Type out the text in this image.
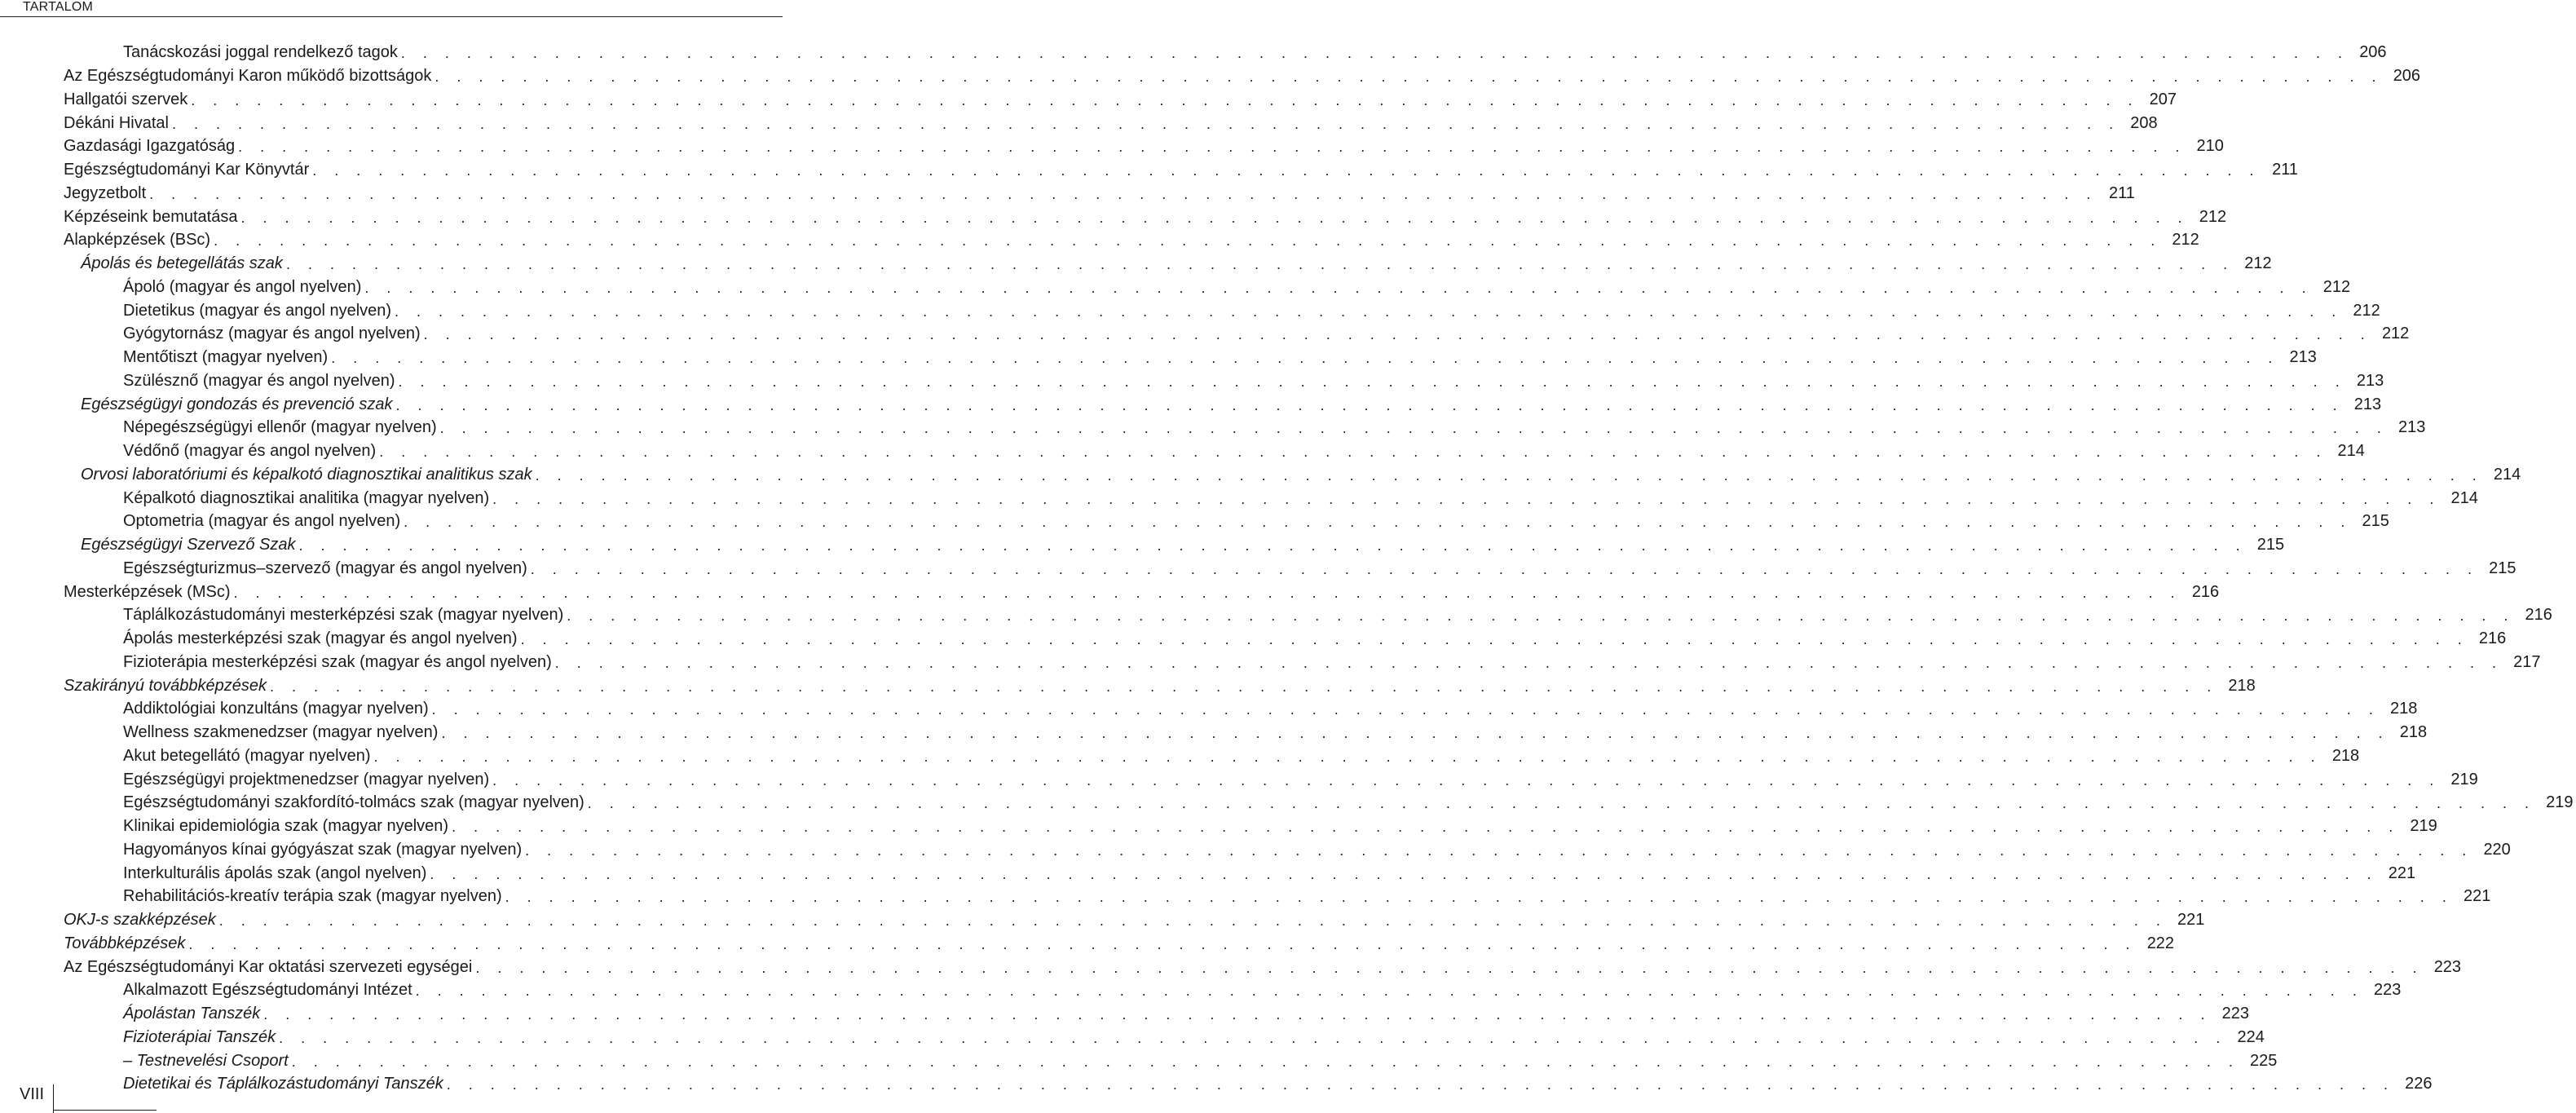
TARTALOM
Tanácskozási joggal rendelkező tagok . . . . . . . . . . . . . . . . . . . . . . . . . . . . . . . . . . . . . . . . . . . . . . . . . . . . . . . . . . . . . . . . . . . . . . . . . . . . . . . . . . . . . . . . . 206
Az Egészségtudományi Karon működő bizottságok . . . . . . . . . . . . . . . . . . . . . . . . . . . . . . . . . . . . . . . . . . . . . . . . . . . . . . . . . . . . . . . . . . . . . . . . . . . . . . . . . . . . . . . . . 206
Hallgatói szervek . . . . . . . . . . . . . . . . . . . . . . . . . . . . . . . . . . . . . . . . . . . . . . . . . . . . . . . . . . . . . . . . . . . . . . . . . . . . . . . . . . . . . . . . . 207
Dékáni Hivatal . . . . . . . . . . . . . . . . . . . . . . . . . . . . . . . . . . . . . . . . . . . . . . . . . . . . . . . . . . . . . . . . . . . . . . . . . . . . . . . . . . . . . . . . . 208
Gazdasági Igazgatóság . . . . . . . . . . . . . . . . . . . . . . . . . . . . . . . . . . . . . . . . . . . . . . . . . . . . . . . . . . . . . . . . . . . . . . . . . . . . . . . . . . . . . . . . . 210
Egészségtudományi Kar Könyvtár . . . . . . . . . . . . . . . . . . . . . . . . . . . . . . . . . . . . . . . . . . . . . . . . . . . . . . . . . . . . . . . . . . . . . . . . . . . . . . . . . . . . . . . . . 211
Jegyzetbolt . . . . . . . . . . . . . . . . . . . . . . . . . . . . . . . . . . . . . . . . . . . . . . . . . . . . . . . . . . . . . . . . . . . . . . . . . . . . . . . . . . . . . . . . . 211
Képzéseink bemutatása . . . . . . . . . . . . . . . . . . . . . . . . . . . . . . . . . . . . . . . . . . . . . . . . . . . . . . . . . . . . . . . . . . . . . . . . . . . . . . . . . . . . . . . . . 212
Alapképzések (BSc) . . . . . . . . . . . . . . . . . . . . . . . . . . . . . . . . . . . . . . . . . . . . . . . . . . . . . . . . . . . . . . . . . . . . . . . . . . . . . . . . . . . . . . . . . 212
Ápolás és betegellátás szak . . . . . . . . . . . . . . . . . . . . . . . . . . . . . . . . . . . . . . . . . . . . . . . . . . . . . . . . . . . . . . . . . . . . . . . . . . . . . . . . . . . . . . . . . 212
Ápoló (magyar és angol nyelven) . . . . . . . . . . . . . . . . . . . . . . . . . . . . . . . . . . . . . . . . . . . . . . . . . . . . . . . . . . . . . . . . . . . . . . . . . . . . . . . . . . . . . . . . . 212
Dietetikus (magyar és angol nyelven) . . . . . . . . . . . . . . . . . . . . . . . . . . . . . . . . . . . . . . . . . . . . . . . . . . . . . . . . . . . . . . . . . . . . . . . . . . . . . . . . . . . . . . . . . 212
Gyógytornász (magyar és angol nyelven) . . . . . . . . . . . . . . . . . . . . . . . . . . . . . . . . . . . . . . . . . . . . . . . . . . . . . . . . . . . . . . . . . . . . . . . . . . . . . . . . . . . . . . . . . 212
Mentőtiszt (magyar nyelven) . . . . . . . . . . . . . . . . . . . . . . . . . . . . . . . . . . . . . . . . . . . . . . . . . . . . . . . . . . . . . . . . . . . . . . . . . . . . . . . . . . . . . . . . . 213
Szülésznő (magyar és angol nyelven) . . . . . . . . . . . . . . . . . . . . . . . . . . . . . . . . . . . . . . . . . . . . . . . . . . . . . . . . . . . . . . . . . . . . . . . . . . . . . . . . . . . . . . . . . 213
Egészségügyi gondozás és prevenció szak . . . . . . . . . . . . . . . . . . . . . . . . . . . . . . . . . . . . . . . . . . . . . . . . . . . . . . . . . . . . . . . . . . . . . . . . . . . . . . . . . . . . . . . . . 213
Népegészségügyi ellenőr (magyar nyelven) . . . . . . . . . . . . . . . . . . . . . . . . . . . . . . . . . . . . . . . . . . . . . . . . . . . . . . . . . . . . . . . . . . . . . . . . . . . . . . . . . . . . . . . . . 213
Védőnő (magyar és angol nyelven) . . . . . . . . . . . . . . . . . . . . . . . . . . . . . . . . . . . . . . . . . . . . . . . . . . . . . . . . . . . . . . . . . . . . . . . . . . . . . . . . . . . . . . . . . 214
Orvosi laboratóriumi és képalkotó diagnosztikai analitikus szak . . . . . . . . . . . . . . . . . . . . . . . . . . . . . . . . . . . . . . . . . . . . . . . . . . . . . . . . . . . . . . . . . . . . . . . . . . . . . . . . . . . . . . . . . 214
Képalkotó diagnosztikai analitika (magyar nyelven) . . . . . . . . . . . . . . . . . . . . . . . . . . . . . . . . . . . . . . . . . . . . . . . . . . . . . . . . . . . . . . . . . . . . . . . . . . . . . . . . . . . . . . . . . 214
Optometria (magyar és angol nyelven) . . . . . . . . . . . . . . . . . . . . . . . . . . . . . . . . . . . . . . . . . . . . . . . . . . . . . . . . . . . . . . . . . . . . . . . . . . . . . . . . . . . . . . . . . 215
Egészségügyi Szervező Szak . . . . . . . . . . . . . . . . . . . . . . . . . . . . . . . . . . . . . . . . . . . . . . . . . . . . . . . . . . . . . . . . . . . . . . . . . . . . . . . . . . . . . . . . . 215
Egészségturizmus–szervező (magyar és angol nyelven) . . . . . . . . . . . . . . . . . . . . . . . . . . . . . . . . . . . . . . . . . . . . . . . . . . . . . . . . . . . . . . . . . . . . . . . . . . . . . . . . . . . . . . . . . 215
Mesterképzések (MSc) . . . . . . . . . . . . . . . . . . . . . . . . . . . . . . . . . . . . . . . . . . . . . . . . . . . . . . . . . . . . . . . . . . . . . . . . . . . . . . . . . . . . . . . . . 216
Táplálkozástudományi mesterképzési szak (magyar nyelven) . . . . . . . . . . . . . . . . . . . . . . . . . . . . . . . . . . . . . . . . . . . . . . . . . . . . . . . . . . . . . . . . . . . . . . . . . . . . . . . . . . . . . . . . . 216
Ápolás mesterképzési szak (magyar és angol nyelven) . . . . . . . . . . . . . . . . . . . . . . . . . . . . . . . . . . . . . . . . . . . . . . . . . . . . . . . . . . . . . . . . . . . . . . . . . . . . . . . . . . . . . . . . . 216
Fizioterápia mesterképzési szak (magyar és angol nyelven) . . . . . . . . . . . . . . . . . . . . . . . . . . . . . . . . . . . . . . . . . . . . . . . . . . . . . . . . . . . . . . . . . . . . . . . . . . . . . . . . . . . . . . . . . 217
Szakirányú továbbképzések . . . . . . . . . . . . . . . . . . . . . . . . . . . . . . . . . . . . . . . . . . . . . . . . . . . . . . . . . . . . . . . . . . . . . . . . . . . . . . . . . . . . . . . . . 218
Addiktológiai konzultáns (magyar nyelven) . . . . . . . . . . . . . . . . . . . . . . . . . . . . . . . . . . . . . . . . . . . . . . . . . . . . . . . . . . . . . . . . . . . . . . . . . . . . . . . . . . . . . . . . . 218
Wellness szakmenedzser (magyar nyelven) . . . . . . . . . . . . . . . . . . . . . . . . . . . . . . . . . . . . . . . . . . . . . . . . . . . . . . . . . . . . . . . . . . . . . . . . . . . . . . . . . . . . . . . . . 218
Akut betegellátó (magyar nyelven) . . . . . . . . . . . . . . . . . . . . . . . . . . . . . . . . . . . . . . . . . . . . . . . . . . . . . . . . . . . . . . . . . . . . . . . . . . . . . . . . . . . . . . . . . 218
Egészségügyi projektmenedzser (magyar nyelven) . . . . . . . . . . . . . . . . . . . . . . . . . . . . . . . . . . . . . . . . . . . . . . . . . . . . . . . . . . . . . . . . . . . . . . . . . . . . . . . . . . . . . . . . . 219
Egészségtudományi szakfordító-tolmács szak (magyar nyelven) . . . . . . . . . . . . . . . . . . . . . . . . . . . . . . . . . . . . . . . . . . . . . . . . . . . . . . . . . . . . . . . . . . . . . . . . . . . . . . . . . . . . . . . . . 219
Klinikai epidemiológia szak (magyar nyelven) . . . . . . . . . . . . . . . . . . . . . . . . . . . . . . . . . . . . . . . . . . . . . . . . . . . . . . . . . . . . . . . . . . . . . . . . . . . . . . . . . . . . . . . . . 219
Hagyományos kínai gyógyászat szak (magyar nyelven) . . . . . . . . . . . . . . . . . . . . . . . . . . . . . . . . . . . . . . . . . . . . . . . . . . . . . . . . . . . . . . . . . . . . . . . . . . . . . . . . . . . . . . . . . 220
Interkulturális ápolás szak (angol nyelven) . . . . . . . . . . . . . . . . . . . . . . . . . . . . . . . . . . . . . . . . . . . . . . . . . . . . . . . . . . . . . . . . . . . . . . . . . . . . . . . . . . . . . . . . . 221
Rehabilitációs-kreatív terápia szak (magyar nyelven) . . . . . . . . . . . . . . . . . . . . . . . . . . . . . . . . . . . . . . . . . . . . . . . . . . . . . . . . . . . . . . . . . . . . . . . . . . . . . . . . . . . . . . . . . 221
OKJ-s szakképzések . . . . . . . . . . . . . . . . . . . . . . . . . . . . . . . . . . . . . . . . . . . . . . . . . . . . . . . . . . . . . . . . . . . . . . . . . . . . . . . . . . . . . . . . . 221
Továbbképzések . . . . . . . . . . . . . . . . . . . . . . . . . . . . . . . . . . . . . . . . . . . . . . . . . . . . . . . . . . . . . . . . . . . . . . . . . . . . . . . . . . . . . . . . . 222
Az Egészségtudományi Kar oktatási szervezeti egységei . . . . . . . . . . . . . . . . . . . . . . . . . . . . . . . . . . . . . . . . . . . . . . . . . . . . . . . . . . . . . . . . . . . . . . . . . . . . . . . . . . . . . . . . . 223
Alkalmazott Egészségtudományi Intézet . . . . . . . . . . . . . . . . . . . . . . . . . . . . . . . . . . . . . . . . . . . . . . . . . . . . . . . . . . . . . . . . . . . . . . . . . . . . . . . . . . . . . . . . . 223
Ápolástan Tanszék . . . . . . . . . . . . . . . . . . . . . . . . . . . . . . . . . . . . . . . . . . . . . . . . . . . . . . . . . . . . . . . . . . . . . . . . . . . . . . . . . . . . . . . . . 223
Fizioterápiai Tanszék . . . . . . . . . . . . . . . . . . . . . . . . . . . . . . . . . . . . . . . . . . . . . . . . . . . . . . . . . . . . . . . . . . . . . . . . . . . . . . . . . . . . . . . . . 224
– Testnevelési Csoport . . . . . . . . . . . . . . . . . . . . . . . . . . . . . . . . . . . . . . . . . . . . . . . . . . . . . . . . . . . . . . . . . . . . . . . . . . . . . . . . . . . . . . . . . 225
Dietetikai és Táplálkozástudományi Tanszék . . . . . . . . . . . . . . . . . . . . . . . . . . . . . . . . . . . . . . . . . . . . . . . . . . . . . . . . . . . . . . . . . . . . . . . . . . . . . . . . . . . . . . . . . 226
VIII
